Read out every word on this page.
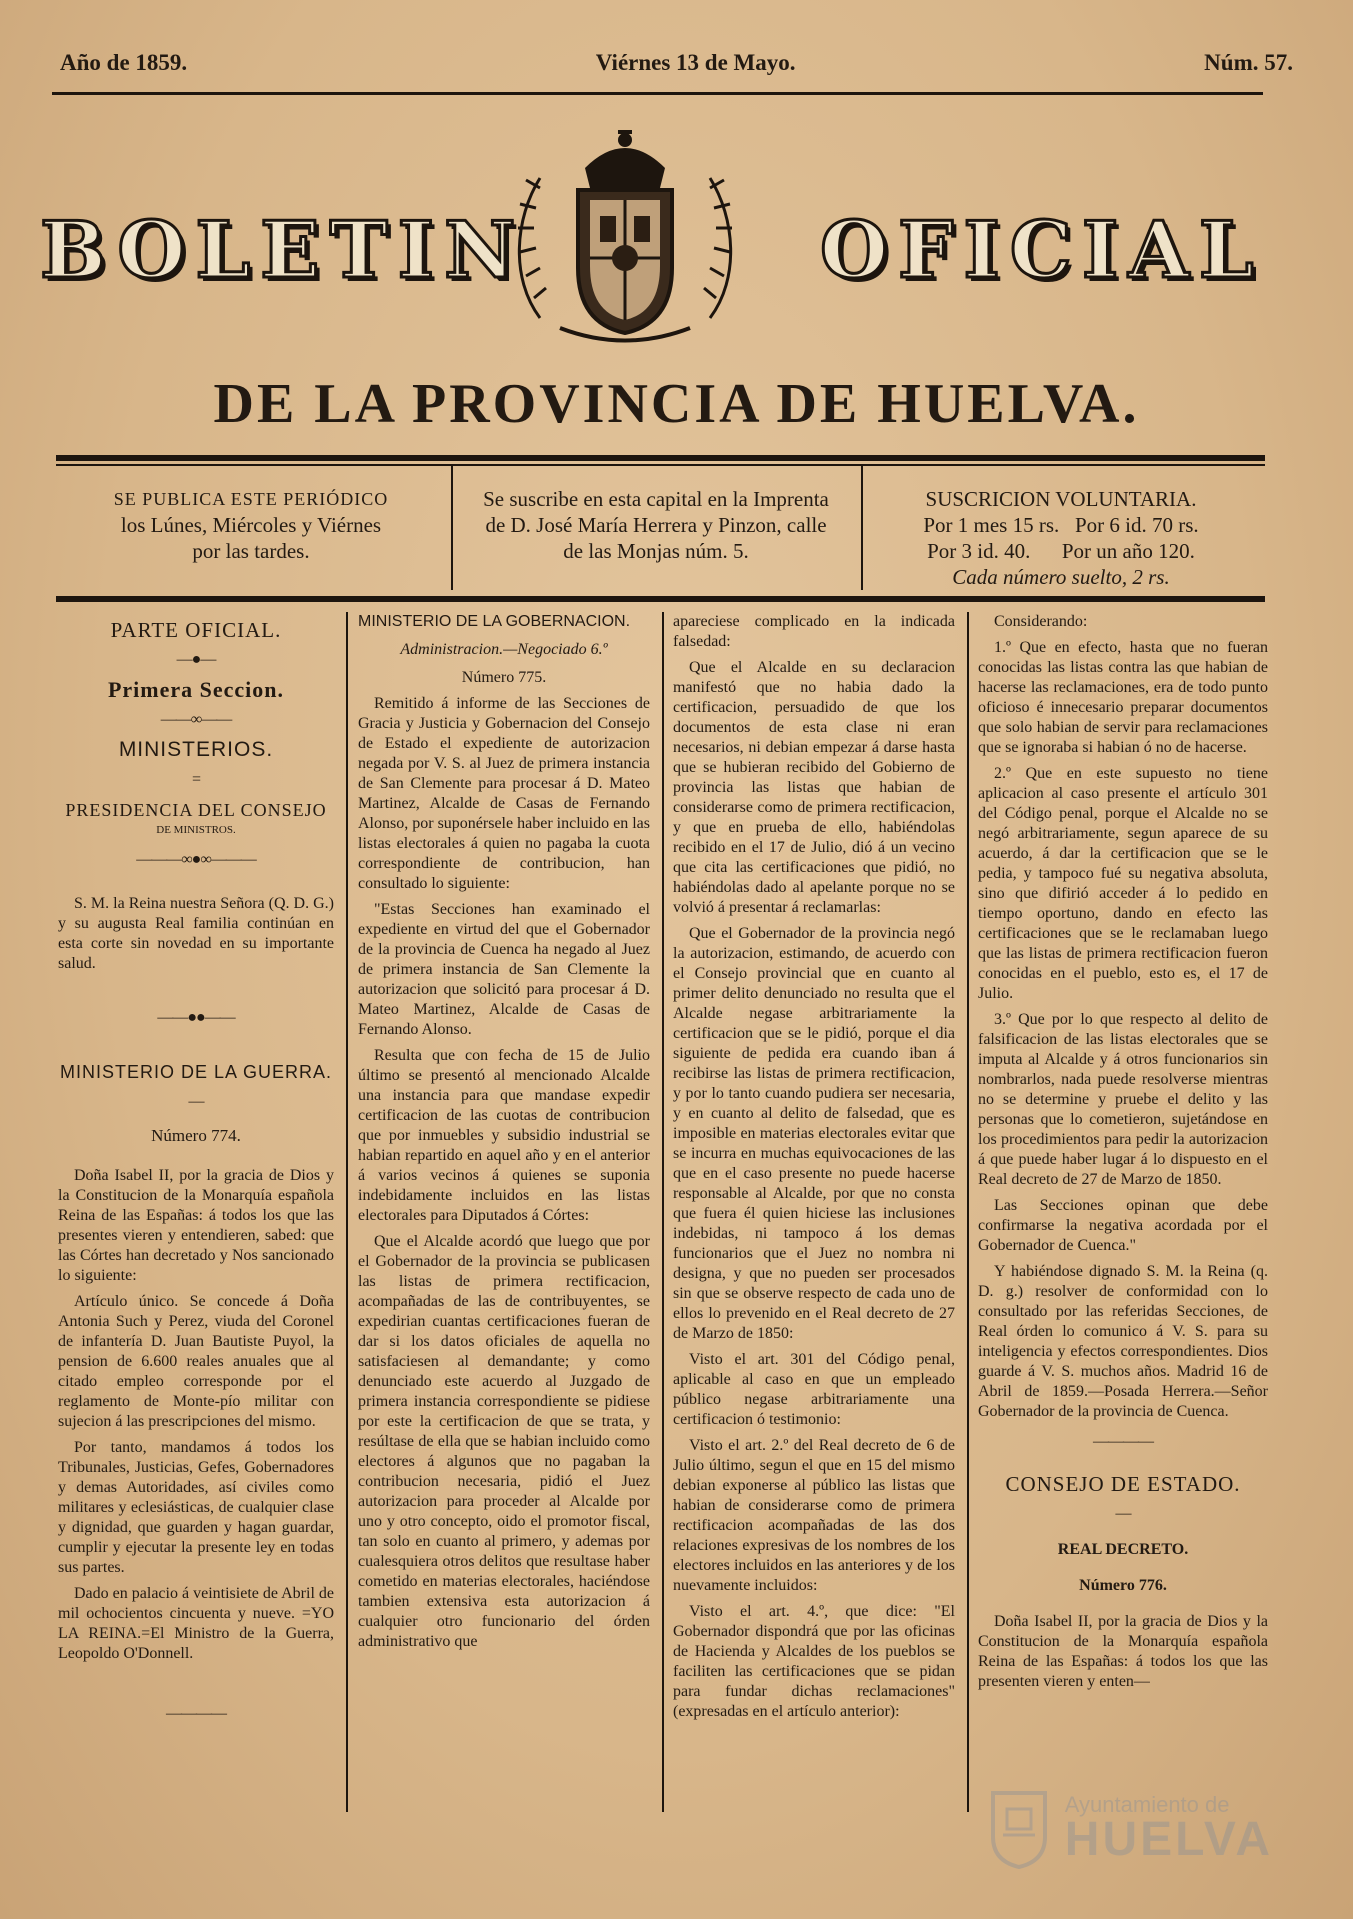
Año de 1859.	Viérnes 13 de Mayo.	Núm. 57.
BOLETIN	OFICIAL
DE LA PROVINCIA DE HUELVA.
SE PUBLICA ESTE PERIÓDICO
los Lúnes, Miércoles y Viérnes
por las tardes.
Se suscribe en esta capital en la Imprenta
de D. José María Herrera y Pinzon, calle
de las Monjas núm. 5.
SUSCRICION VOLUNTARIA.
Por 1 mes 15 rs.   Por 6 id. 70 rs.
Por 3 id. 40.      Por un año 120.
Cada número suelto, 2 rs.
PARTE OFICIAL.
—●—
Primera Seccion.
——∞——
MINISTERIOS.
=
PRESIDENCIA DEL CONSEJO
DE MINISTROS.
———∞●∞———

S. M. la Reina nuestra Señora (Q. D. G.) y su augusta Real familia continúan en esta corte sin novedad en su importante salud.

——●●——
MINISTERIO DE LA GUERRA.
—
Número 774.

Doña Isabel II, por la gracia de Dios y la Constitucion de la Monarquía española Reina de las Españas: á todos los que las presentes vieren y entendieren, sabed: que las Córtes han decretado y Nos sancionado lo siguiente:

Artículo único. Se concede á Doña Antonia Such y Perez, viuda del Coronel de infantería D. Juan Bautiste Puyol, la pension de 6.600 reales anuales que al citado empleo corresponde por el reglamento de Monte-pío militar con sujecion á las prescripciones del mismo.

Por tanto, mandamos á todos los Tribunales, Justicias, Gefes, Gobernadores y demas Autoridades, así civiles como militares y eclesiásticas, de cualquier clase y dignidad, que guarden y hagan guardar, cumplir y ejecutar la presente ley en todas sus partes.

Dado en palacio á veintisiete de Abril de mil ochocientos cincuenta y nueve. =YO LA REINA.=El Ministro de la Guerra, Leopoldo O'Donnell.

————
MINISTERIO DE LA GOBERNACION.
Administracion.—Negociado 6.º
Número 775.

Remitido á informe de las Secciones de Gracia y Justicia y Gobernacion del Consejo de Estado el expediente de autorizacion negada por V. S. al Juez de primera instancia de San Clemente para procesar á D. Mateo Martinez, Alcalde de Casas de Fernando Alonso, por suponérsele haber incluido en las listas electorales á quien no pagaba la cuota correspondiente de contribucion, han consultado lo siguiente:

"Estas Secciones han examinado el expediente en virtud del que el Gobernador de la provincia de Cuenca ha negado al Juez de primera instancia de San Clemente la autorizacion que solicitó para procesar á D. Mateo Martinez, Alcalde de Casas de Fernando Alonso.

Resulta que con fecha de 15 de Julio último se presentó al mencionado Alcalde una instancia para que mandase expedir certificacion de las cuotas de contribucion que por inmuebles y subsidio industrial se habian repartido en aquel año y en el anterior á varios vecinos á quienes se suponia indebidamente incluidos en las listas electorales para Diputados á Córtes:

Que el Alcalde acordó que luego que por el Gobernador de la provincia se publicasen las listas de primera rectificacion, acompañadas de las de contribuyentes, se expedirian cuantas certificaciones fueran de dar si los datos oficiales de aquella no satisfaciesen al demandante; y como denunciado este acuerdo al Juzgado de primera instancia correspondiente se pidiese por este la certificacion de que se trata, y resúltase de ella que se habian incluido como electores á algunos que no pagaban la contribucion necesaria, pidió el Juez autorizacion para proceder al Alcalde por uno y otro concepto, oido el promotor fiscal, tan solo en cuanto al primero, y ademas por cualesquiera otros delitos que resultase haber cometido en materias electorales, haciéndose tambien extensiva esta autorizacion á cualquier otro funcionario del órden administrativo que

apareciese complicado en la indicada falsedad:

Que el Alcalde en su declaracion manifestó que no habia dado la certificacion, persuadido de que los documentos de esta clase ni eran necesarios, ni debian empezar á darse hasta que se hubieran recibido del Gobierno de provincia las listas que habian de considerarse como de primera rectificacion, y que en prueba de ello, habiéndolas recibido en el 17 de Julio, dió á un vecino que cita las certificaciones que pidió, no habiéndolas dado al apelante porque no se volvió á presentar á reclamarlas:

Que el Gobernador de la provincia negó la autorizacion, estimando, de acuerdo con el Consejo provincial que en cuanto al primer delito denunciado no resulta que el Alcalde negase arbitrariamente la certificacion que se le pidió, porque el dia siguiente de pedida era cuando iban á recibirse las listas de primera rectificacion, y por lo tanto cuando pudiera ser necesaria, y en cuanto al delito de falsedad, que es imposible en materias electorales evitar que se incurra en muchas equivocaciones de las que en el caso presente no puede hacerse responsable al Alcalde, por que no consta que fuera él quien hiciese las inclusiones indebidas, ni tampoco á los demas funcionarios que el Juez no nombra ni designa, y que no pueden ser procesados sin que se observe respecto de cada uno de ellos lo prevenido en el Real decreto de 27 de Marzo de 1850:

Visto el art. 301 del Código penal, aplicable al caso en que un empleado público negase arbitrariamente una certificacion ó testimonio:

Visto el art. 2.º del Real decreto de 6 de Julio último, segun el que en 15 del mismo debian exponerse al público las listas que habian de considerarse como de primera rectificacion acompañadas de las dos relaciones expresivas de los nombres de los electores incluidos en las anteriores y de los nuevamente incluidos:

Visto el art. 4.º, que dice: "El Gobernador dispondrá que por las oficinas de Hacienda y Alcaldes de los pueblos se faciliten las certificaciones que se pidan para fundar dichas reclamaciones" (expresadas en el artículo anterior):

Considerando:

1.º Que en efecto, hasta que no fueran conocidas las listas contra las que habian de hacerse las reclamaciones, era de todo punto oficioso é innecesario preparar documentos que solo habian de servir para reclamaciones que se ignoraba si habian ó no de hacerse.

2.º Que en este supuesto no tiene aplicacion al caso presente el artículo 301 del Código penal, porque el Alcalde no se negó arbitrariamente, segun aparece de su acuerdo, á dar la certificacion que se le pedia, y tampoco fué su negativa absoluta, sino que difirió acceder á lo pedido en tiempo oportuno, dando en efecto las certificaciones que se le reclamaban luego que las listas de primera rectificacion fueron conocidas en el pueblo, esto es, el 17 de Julio.

3.º Que por lo que respecto al delito de falsificacion de las listas electorales que se imputa al Alcalde y á otros funcionarios sin nombrarlos, nada puede resolverse mientras no se determine y pruebe el delito y las personas que lo cometieron, sujetándose en los procedimientos para pedir la autorizacion á que puede haber lugar á lo dispuesto en el Real decreto de 27 de Marzo de 1850.

Las Secciones opinan que debe confirmarse la negativa acordada por el Gobernador de Cuenca."

Y habiéndose dignado S. M. la Reina (q. D. g.) resolver de conformidad con lo consultado por las referidas Secciones, de Real órden lo comunico á V. S. para su inteligencia y efectos correspondientes. Dios guarde á V. S. muchos años. Madrid 16 de Abril de 1859.—Posada Herrera.—Señor Gobernador de la provincia de Cuenca.

————
CONSEJO DE ESTADO.
—
REAL DECRETO.
Número 776.

Doña Isabel II, por la gracia de Dios y la Constitucion de la Monarquía española Reina de las Españas: á todos los que las presenten vieren y enten—

Ayuntamiento de
HUELVA
